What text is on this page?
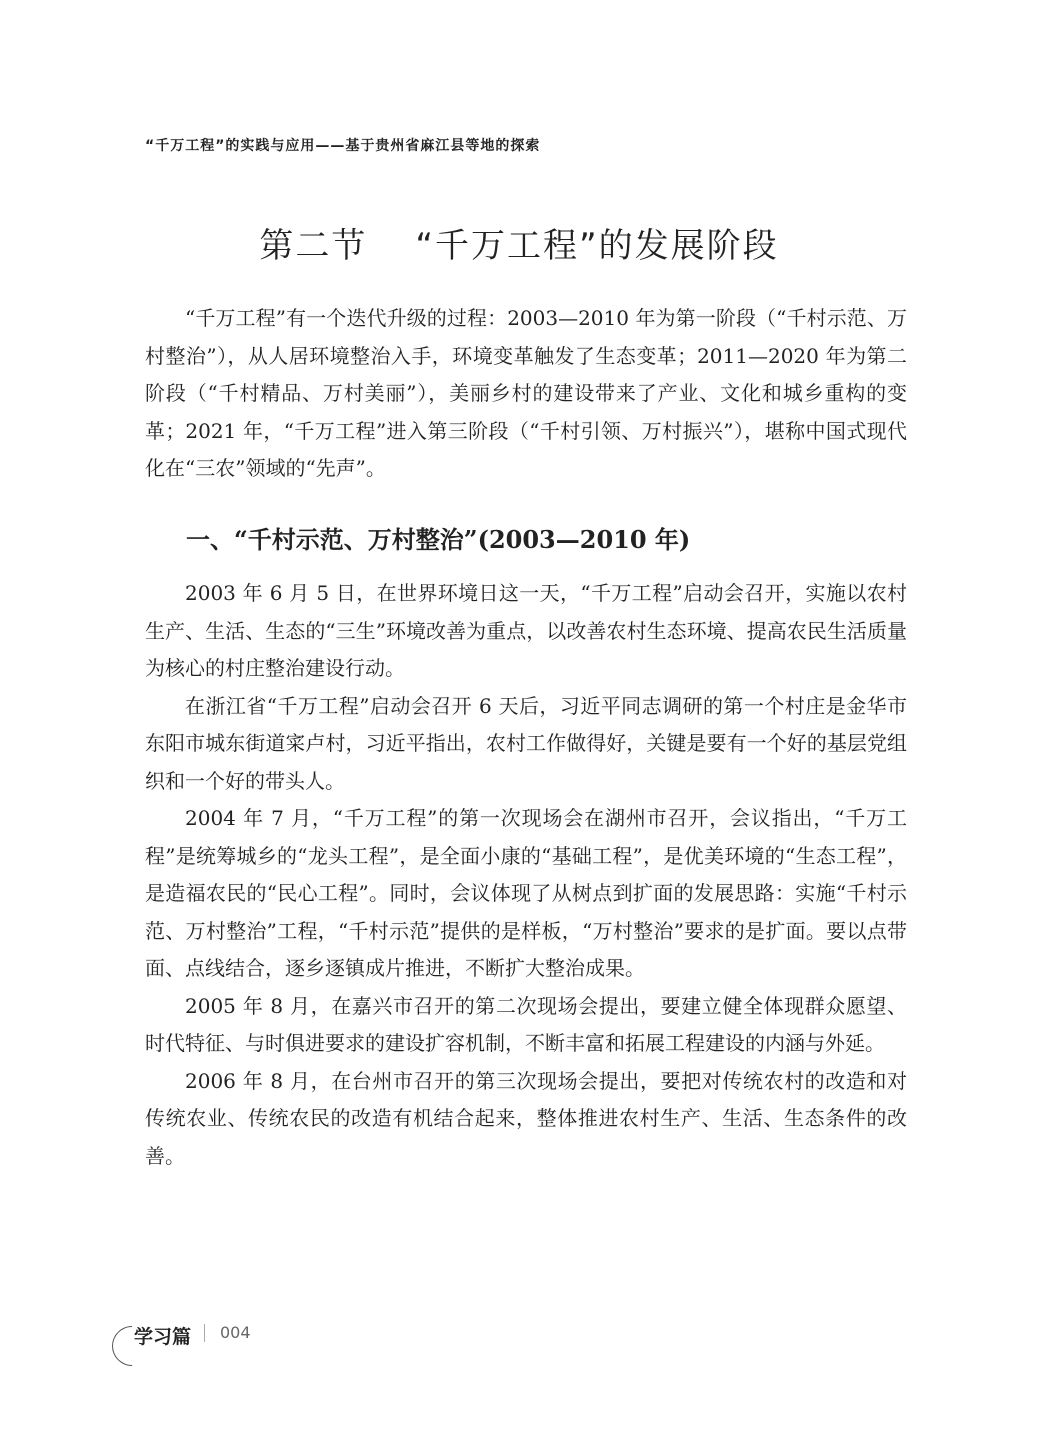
“千万工程”的实践与应用——基于贵州省麻江县等地的探索
第二节 “千万工程”的发展阶段

“千万工程”有一个迭代升级的过程：2003—2010 年为第一阶段（“千村示范、万村整治”），从人居环境整治入手，环境变革触发了生态变革；2011—2020 年为第二阶段（“千村精品、万村美丽”），美丽乡村的建设带来了产业、文化和城乡重构的变革；2021 年，“千万工程”进入第三阶段（“千村引领、万村振兴”），堪称中国式现代化在“三农”领域的“先声”。

一、“千村示范、万村整治”(2003—2010 年)

2003 年 6 月 5 日，在世界环境日这一天，“千万工程”启动会召开，实施以农村生产、生活、生态的“三生”环境改善为重点，以改善农村生态环境、提高农民生活质量为核心的村庄整治建设行动。

在浙江省“千万工程”启动会召开 6 天后，习近平同志调研的第一个村庄是金华市东阳市城东街道寀卢村，习近平指出，农村工作做得好，关键是要有一个好的基层党组织和一个好的带头人。

2004 年 7 月，“千万工程”的第一次现场会在湖州市召开，会议指出，“千万工程”是统筹城乡的“龙头工程”，是全面小康的“基础工程”，是优美环境的“生态工程”，是造福农民的“民心工程”。同时，会议体现了从树点到扩面的发展思路：实施“千村示范、万村整治”工程，“千村示范”提供的是样板，“万村整治”要求的是扩面。要以点带面、点线结合，逐乡逐镇成片推进，不断扩大整治成果。

2005 年 8 月，在嘉兴市召开的第二次现场会提出，要建立健全体现群众愿望、时代特征、与时俱进要求的建设扩容机制，不断丰富和拓展工程建设的内涵与外延。

2006 年 8 月，在台州市召开的第三次现场会提出，要把对传统农村的改造和对传统农业、传统农民的改造有机结合起来，整体推进农村生产、生活、生态条件的改善。

学习篇 004
